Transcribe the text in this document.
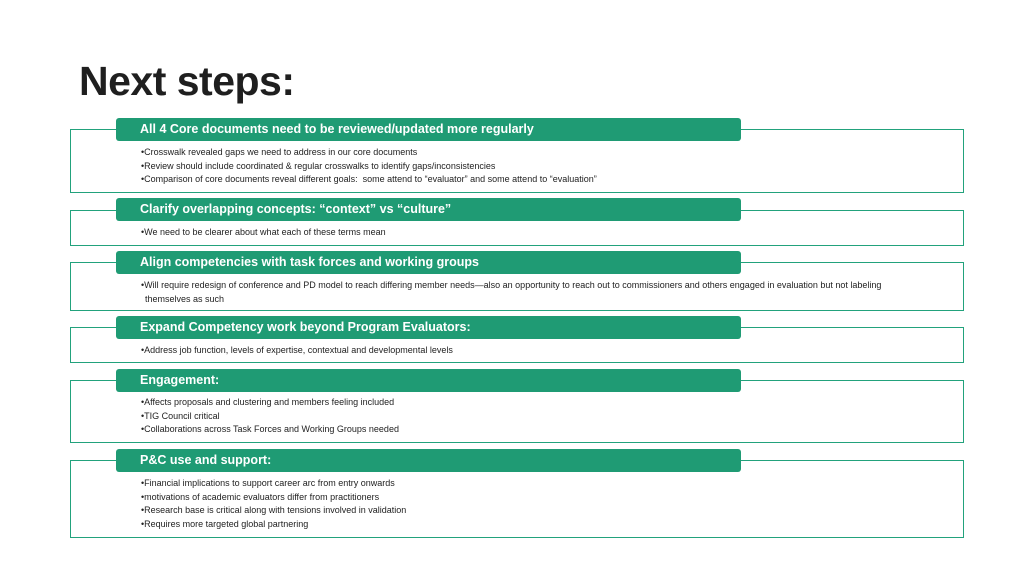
Next steps:
All 4 Core documents need to be reviewed/updated more regularly
•Crosswalk revealed gaps we need to address in our core documents
•Review should include coordinated & regular crosswalks to identify gaps/inconsistencies
•Comparison of core documents reveal different goals:  some attend to “evaluator” and some attend to “evaluation”
Clarify overlapping concepts: “context” vs “culture”
•We need to be clearer about what each of these terms mean
Align competencies with task forces and working groups
•Will require redesign of conference and PD model to reach differing member needs—also an opportunity to reach out to commissioners and others engaged in evaluation but not labeling themselves as such
Expand Competency work beyond Program Evaluators:
•Address job function, levels of expertise, contextual and developmental levels
Engagement:
•Affects proposals and clustering and members feeling included
•TIG Council critical
•Collaborations across Task Forces and Working Groups needed
P&C use and support:
•Financial implications to support career arc from entry onwards
•motivations of academic evaluators differ from practitioners
•Research base is critical along with tensions involved in validation
•Requires more targeted global partnering
